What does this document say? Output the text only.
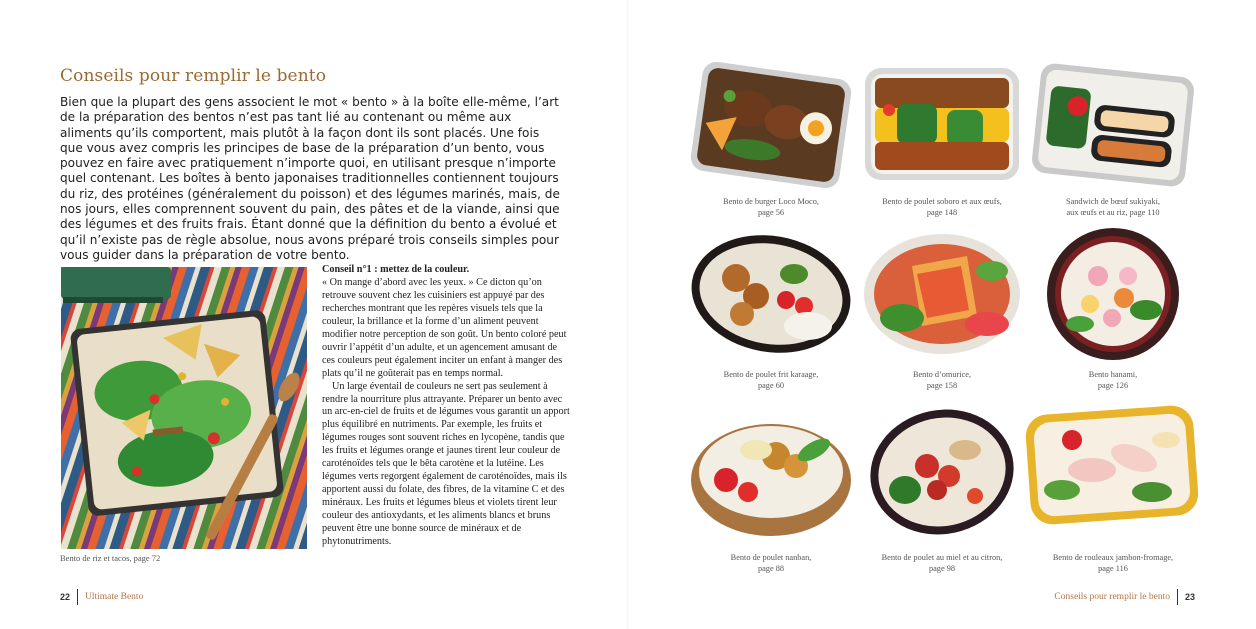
Conseils pour remplir le bento
Bien que la plupart des gens associent le mot « bento » à la boîte elle-même, l’art de la préparation des bentos n’est pas tant lié au contenant ou même aux aliments qu’ils comportent, mais plutôt à la façon dont ils sont placés. Une fois que vous avez compris les principes de base de la préparation d’un bento, vous pouvez en faire avec pratiquement n’importe quoi, en utilisant presque n’importe quel contenant. Les boîtes à bento japonaises traditionnelles contiennent toujours du riz, des protéines (généralement du poisson) et des légumes marinés, mais, de nos jours, elles comprennent souvent du pain, des pâtes et de la viande, ainsi que des légumes et des fruits frais. Étant donné que la définition du bento a évolué et qu’il n’existe pas de règle absolue, nous avons préparé trois conseils simples pour vous guider dans la préparation de votre bento.
Bento de riz et tacos, page 72

Conseil n°1 : mettez de la couleur.

« On mange d’abord avec les yeux. » Ce dicton qu’on retrouve souvent chez les cuisiniers est appuyé par des recherches montrant que les repères visuels tels que la couleur, la brillance et la forme d’un aliment peuvent modifier notre perception de son goût. Un bento coloré peut ouvrir l’appétit d’un adulte, et un agencement amusant de ces couleurs peut également inciter un enfant à manger des plats qu’il ne goûterait pas en temps normal.

Un large éventail de couleurs ne sert pas seulement à rendre la nourriture plus attrayante. Préparer un bento avec un arc-en-ciel de fruits et de légumes vous garantit un apport plus équilibré en nutriments. Par exemple, les fruits et légumes rouges sont souvent riches en lycopène, tandis que les fruits et légumes orange et jaunes tirent leur couleur de caroténoïdes tels que le bêta carotène et la lutéine. Les légumes verts regorgent également de caroténoïdes, mais ils apportent aussi du folate, des fibres, de la vitamine C et des minéraux. Les fruits et légumes bleus et violets tirent leur couleur des antioxydants, et les aliments blancs et bruns peuvent être une bonne source de minéraux et de phytonutriments.

22 Ultimate Bento
Bento de burger Loco Moco,
page 56
Bento de poulet soboro et aux œufs,
page 148
Sandwich de bœuf sukiyaki,
aux œufs et au riz, page 110
Bento de poulet frit karaage,
page 60
Bento d’omurice,
page 158
Bento hanami,
page 126
Bento de poulet nanban,
page 88
Bento de poulet au miel et au citron,
page 98
Bento de rouleaux jambon-fromage,
page 116
Conseils pour remplir le bento 23
